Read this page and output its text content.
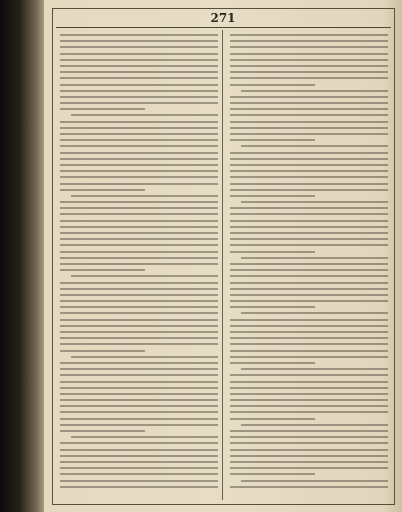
271
